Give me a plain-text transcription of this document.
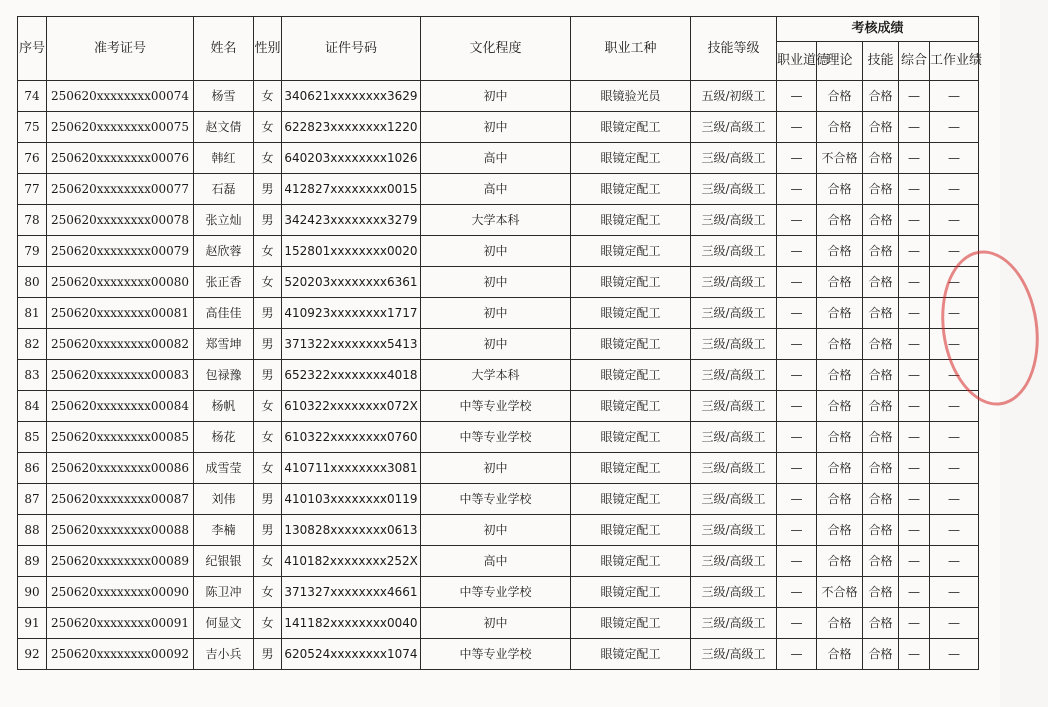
序号	准考证号	姓名	性别	证件号码	文化程度	职业工种	技能等级	考核成绩				
								职业道德	理论	技能	综合	工作业绩
74	250620xxxxxxxx00074	杨雪	女	340621xxxxxxxx3629	初中	眼镜验光员	五级/初级工	—	合格	合格	—	—
75	250620xxxxxxxx00075	赵文倩	女	622823xxxxxxxx1220	初中	眼镜定配工	三级/高级工	—	合格	合格	—	—
76	250620xxxxxxxx00076	韩红	女	640203xxxxxxxx1026	高中	眼镜定配工	三级/高级工	—	不合格	合格	—	—
77	250620xxxxxxxx00077	石磊	男	412827xxxxxxxx0015	高中	眼镜定配工	三级/高级工	—	合格	合格	—	—
78	250620xxxxxxxx00078	张立灿	男	342423xxxxxxxx3279	大学本科	眼镜定配工	三级/高级工	—	合格	合格	—	—
79	250620xxxxxxxx00079	赵欣蓉	女	152801xxxxxxxx0020	初中	眼镜定配工	三级/高级工	—	合格	合格	—	—
80	250620xxxxxxxx00080	张正香	女	520203xxxxxxxx6361	初中	眼镜定配工	三级/高级工	—	合格	合格	—	—
81	250620xxxxxxxx00081	高佳佳	男	410923xxxxxxxx1717	初中	眼镜定配工	三级/高级工	—	合格	合格	—	—
82	250620xxxxxxxx00082	郑雪坤	男	371322xxxxxxxx5413	初中	眼镜定配工	三级/高级工	—	合格	合格	—	—
83	250620xxxxxxxx00083	包禄豫	男	652322xxxxxxxx4018	大学本科	眼镜定配工	三级/高级工	—	合格	合格	—	—
84	250620xxxxxxxx00084	杨帆	女	610322xxxxxxxx072X	中等专业学校	眼镜定配工	三级/高级工	—	合格	合格	—	—
85	250620xxxxxxxx00085	杨花	女	610322xxxxxxxx0760	中等专业学校	眼镜定配工	三级/高级工	—	合格	合格	—	—
86	250620xxxxxxxx00086	成雪莹	女	410711xxxxxxxx3081	初中	眼镜定配工	三级/高级工	—	合格	合格	—	—
87	250620xxxxxxxx00087	刘伟	男	410103xxxxxxxx0119	中等专业学校	眼镜定配工	三级/高级工	—	合格	合格	—	—
88	250620xxxxxxxx00088	李楠	男	130828xxxxxxxx0613	初中	眼镜定配工	三级/高级工	—	合格	合格	—	—
89	250620xxxxxxxx00089	纪银银	女	410182xxxxxxxx252X	高中	眼镜定配工	三级/高级工	—	合格	合格	—	—
90	250620xxxxxxxx00090	陈卫冲	女	371327xxxxxxxx4661	中等专业学校	眼镜定配工	三级/高级工	—	不合格	合格	—	—
91	250620xxxxxxxx00091	何显文	女	141182xxxxxxxx0040	初中	眼镜定配工	三级/高级工	—	合格	合格	—	—
92	250620xxxxxxxx00092	吉小兵	男	620524xxxxxxxx1074	中等专业学校	眼镜定配工	三级/高级工	—	合格	合格	—	—
